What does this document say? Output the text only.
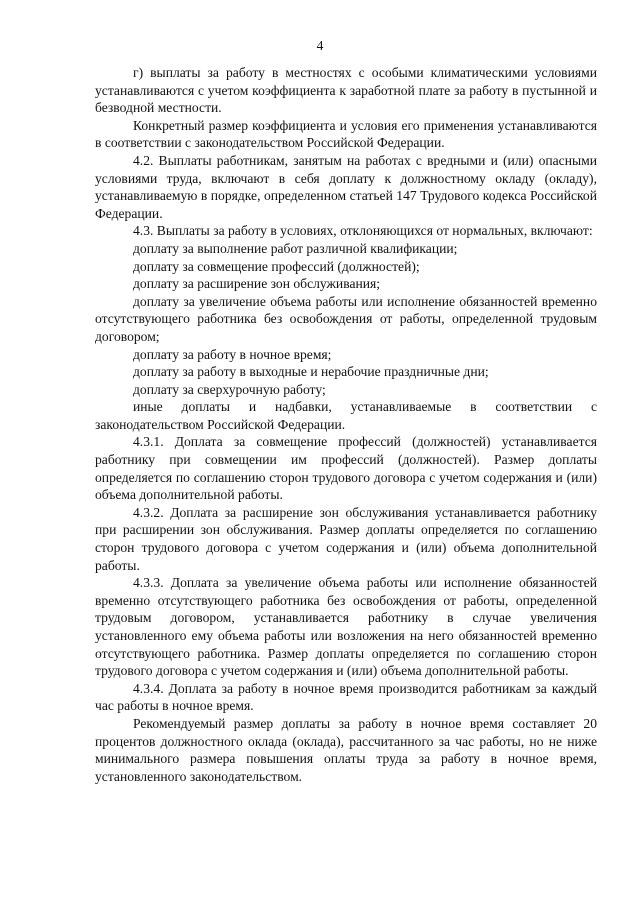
4

г) выплаты за работу в местностях с особыми климатическими условиями устанавливаются с учетом коэффициента к заработной плате за работу в пустынной и безводной местности.

Конкретный размер коэффициента и условия его применения устанавливаются в соответствии с законодательством Российской Федерации.

4.2. Выплаты работникам, занятым на работах с вредными и (или) опасными условиями труда, включают в себя доплату к должностному окладу (окладу), устанавливаемую в порядке, определенном статьей 147 Трудового кодекса Российской Федерации.

4.3. Выплаты за работу в условиях, отклоняющихся от нормальных, включают:

доплату за выполнение работ различной квалификации;

доплату за совмещение профессий (должностей);

доплату за расширение зон обслуживания;

доплату за увеличение объема работы или исполнение обязанностей временно отсутствующего работника без освобождения от работы, определенной трудовым договором;

доплату за работу в ночное время;

доплату за работу в выходные и нерабочие праздничные дни;

доплату за сверхурочную работу;

иные доплаты и надбавки, устанавливаемые в соответствии с законодательством Российской Федерации.

4.3.1. Доплата за совмещение профессий (должностей) устанавливается работнику при совмещении им профессий (должностей). Размер доплаты определяется по соглашению сторон трудового договора с учетом содержания и (или) объема дополнительной работы.

4.3.2. Доплата за расширение зон обслуживания устанавливается работнику при расширении зон обслуживания. Размер доплаты определяется по соглашению сторон трудового договора с учетом содержания и (или) объема дополнительной работы.

4.3.3. Доплата за увеличение объема работы или исполнение обязанностей временно отсутствующего работника без освобождения от работы, определенной трудовым договором, устанавливается работнику в случае увеличения установленного ему объема работы или возложения на него обязанностей временно отсутствующего работника. Размер доплаты определяется по соглашению сторон трудового договора с учетом содержания и (или) объема дополнительной работы.

4.3.4. Доплата за работу в ночное время производится работникам за каждый час работы в ночное время.

Рекомендуемый размер доплаты за работу в ночное время составляет 20 процентов должностного оклада (оклада), рассчитанного за час работы, но не ниже минимального размера повышения оплаты труда за работу в ночное время, установленного законодательством.
